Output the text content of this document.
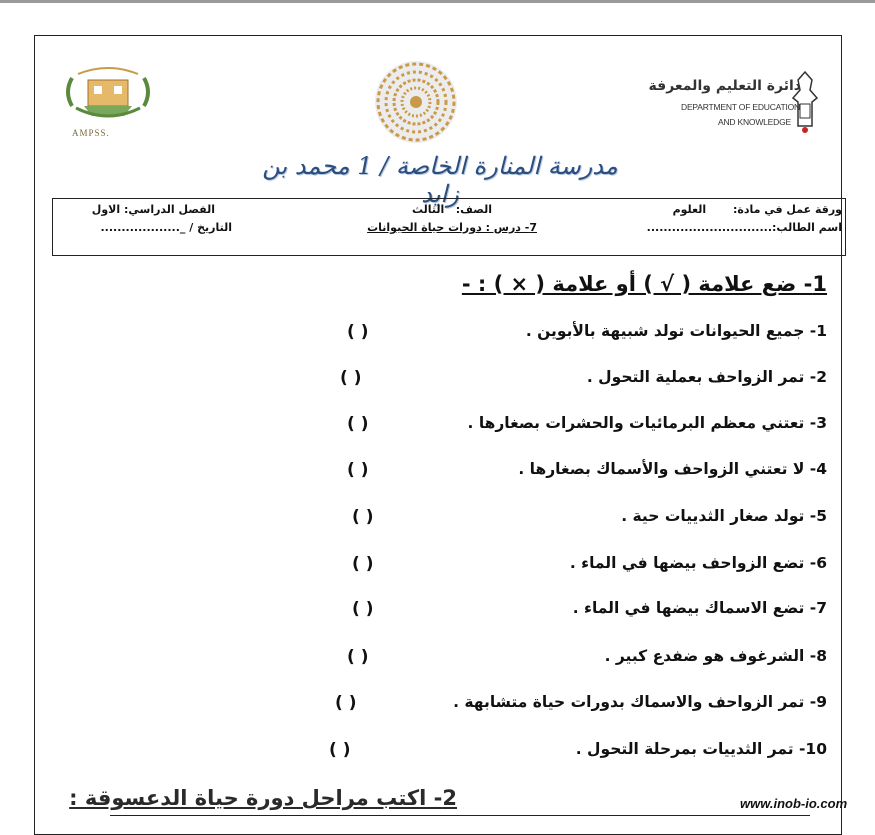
AMPSS.
دائرة التعليم والمعرفة
DEPARTMENT OF EDUCATION
AND KNOWLEDGE
مدرسة المنارة الخاصة / 1 محمد بن زايد
ورقة عمل في مادة:       العلوم
اسم الطالب:..............................
الصف:   الثالث
7- درس : دورات حياة الحيوانات
الفصل الدراسي: الاول
التاريخ / _...................
1- ضع علامة ( √ ) أو علامة ( × ) : -
1- جميع الحيوانات تولد شبيهة بالأبوين .
( )
2- تمر الزواحف بعملية التحول .
( )
3- تعتني معظم البرمائيات والحشرات بصغارها .
( )
4- لا تعتني الزواحف والأسماك بصغارها .
( )
5- تولد صغار الثدييات حية .
( )
6- تضع الزواحف بيضها في الماء .
( )
7- تضع الاسماك بيضها في الماء .
( )
8- الشرغوف هو ضفدع كبير .
( )
9- تمر الزواحف والاسماك بدورات حياة متشابهة .
( )
10- تمر الثدييات بمرحلة التحول .
( )
2- اكتب مراحل دورة حياة الدعسوقة :	www.inob-io.com
